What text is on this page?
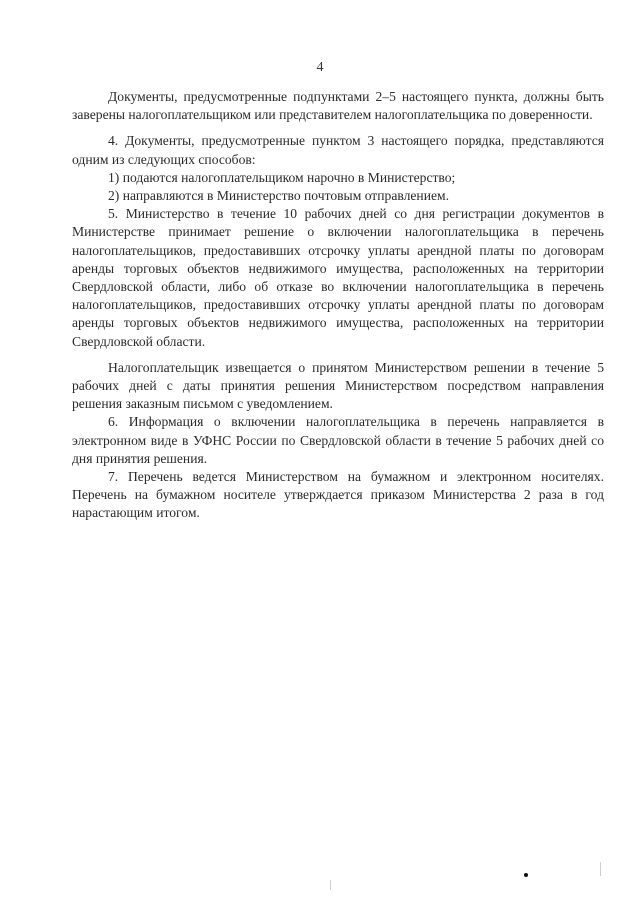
4

Документы, предусмотренные подпунктами 2–5 настоящего пункта, должны быть заверены налогоплательщиком или представителем налогоплательщика по доверенности.

4. Документы, предусмотренные пунктом 3 настоящего порядка, представляются одним из следующих способов:

1) подаются налогоплательщиком нарочно в Министерство;

2) направляются в Министерство почтовым отправлением.

5. Министерство в течение 10 рабочих дней со дня регистрации документов в Министерстве принимает решение о включении налогоплательщика в перечень налогоплательщиков, предоставивших отсрочку уплаты арендной платы по договорам аренды торговых объектов недвижимого имущества, расположенных на территории Свердловской области, либо об отказе во включении налогоплательщика в перечень налогоплательщиков, предоставивших отсрочку уплаты арендной платы по договорам аренды торговых объектов недвижимого имущества, расположенных на территории Свердловской области.

Налогоплательщик извещается о принятом Министерством решении в течение 5 рабочих дней с даты принятия решения Министерством посредством направления решения заказным письмом с уведомлением.

6. Информация о включении налогоплательщика в перечень направляется в электронном виде в УФНС России по Свердловской области в течение 5 рабочих дней со дня принятия решения.

7. Перечень ведется Министерством на бумажном и электронном носителях. Перечень на бумажном носителе утверждается приказом Министерства 2 раза в год нарастающим итогом.
